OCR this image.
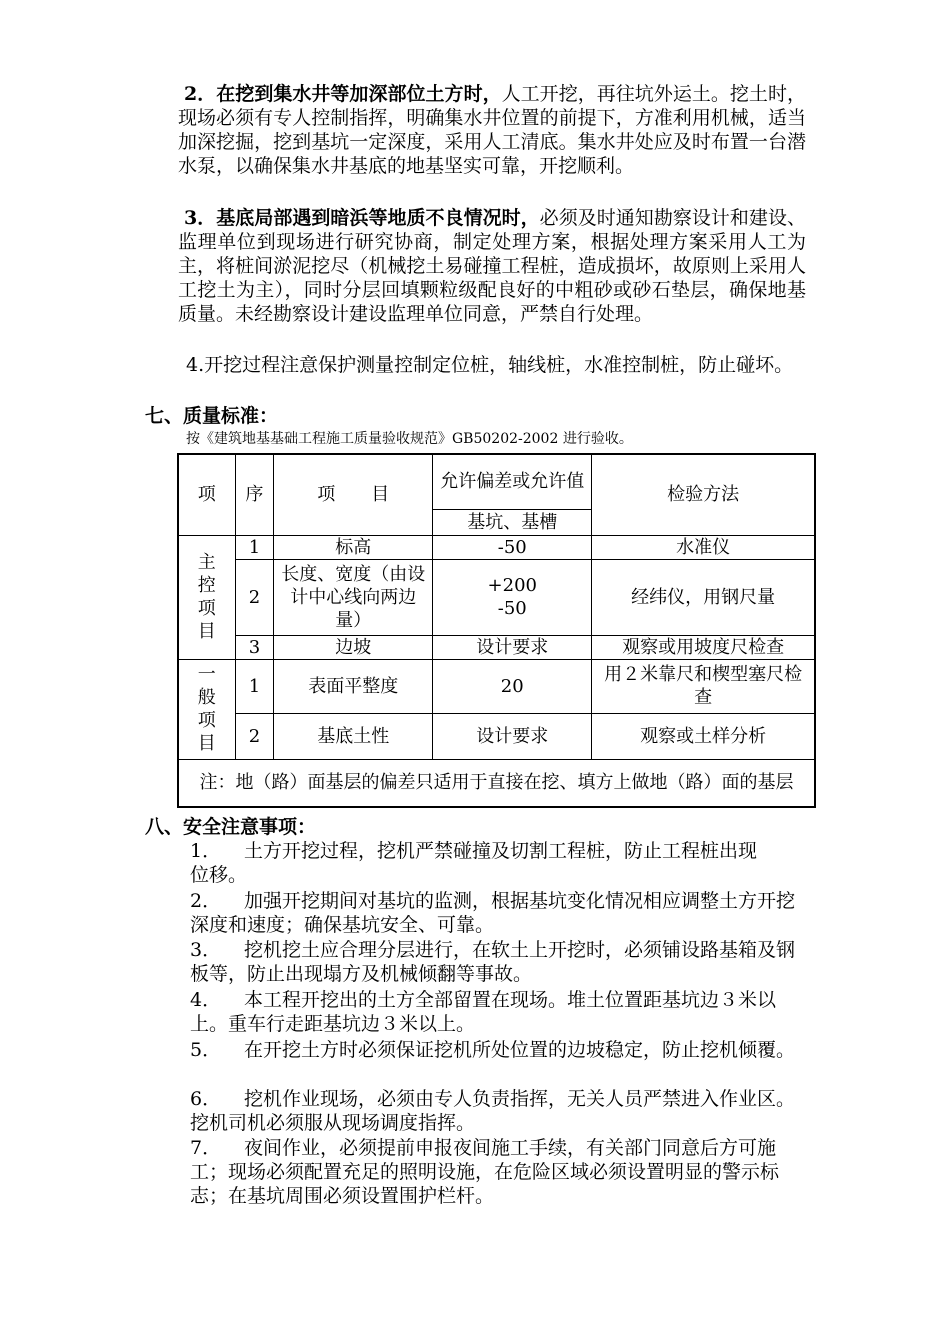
2．在挖到集水井等加深部位土方时，人工开挖，再往坑外运土。挖土时，现场必须有专人控制指挥，明确集水井位置的前提下，方准利用机械，适当加深挖掘，挖到基坑一定深度，采用人工清底。集水井处应及时布置一台潜水泵，以确保集水井基底的地基坚实可靠，开挖顺利。
3．基底局部遇到暗浜等地质不良情况时，必须及时通知勘察设计和建设、监理单位到现场进行研究协商，制定处理方案，根据处理方案采用人工为主，将桩间淤泥挖尽（机械挖土易碰撞工程桩，造成损坏，故原则上采用人工挖土为主），同时分层回填颗粒级配良好的中粗砂或砂石垫层，确保地基质量。未经勘察设计建设监理单位同意，严禁自行处理。
4.开挖过程注意保护测量控制定位桩，轴线桩，水准控制桩，防止碰坏。
七、质量标准：
按《建筑地基基础工程施工质量验收规范》GB50202-2002 进行验收。
项	序	项　　目	允许偏差或允许值	检验方法
			基坑、基槽	

主控项目	1	标高	-50	水准仪
	2	长度、宽度（由设计中心线向两边量）	+200
-50	经纬仪，用钢尺量
	3	边坡	设计要求	观察或用坡度尺检查

一般项目	1	表面平整度	20	用２米靠尺和楔型塞尺检查
	2	基底土性	设计要求	观察或土样分析
注：地（路）面基层的偏差只适用于直接在挖、填方上做地（路）面的基层				
八、安全注意事项：
1． 土方开挖过程，挖机严禁碰撞及切割工程桩，防止工程桩出现　　　　位移。
2． 加强开挖期间对基坑的监测，根据基坑变化情况相应调整土方开挖深度和速度；确保基坑安全、可靠。
3． 挖机挖土应合理分层进行，在软土上开挖时，必须铺设路基箱及钢板等，防止出现塌方及机械倾翻等事故。
4． 本工程开挖出的土方全部留置在现场。堆土位置距基坑边３米以上。重车行走距基坑边３米以上。
5． 在开挖土方时必须保证挖机所处位置的边坡稳定，防止挖机倾覆。
6． 挖机作业现场，必须由专人负责指挥，无关人员严禁进入作业区。挖机司机必须服从现场调度指挥。
7． 夜间作业，必须提前申报夜间施工手续，有关部门同意后方可施工；现场必须配置充足的照明设施，在危险区域必须设置明显的警示标志；在基坑周围必须设置围护栏杆。
